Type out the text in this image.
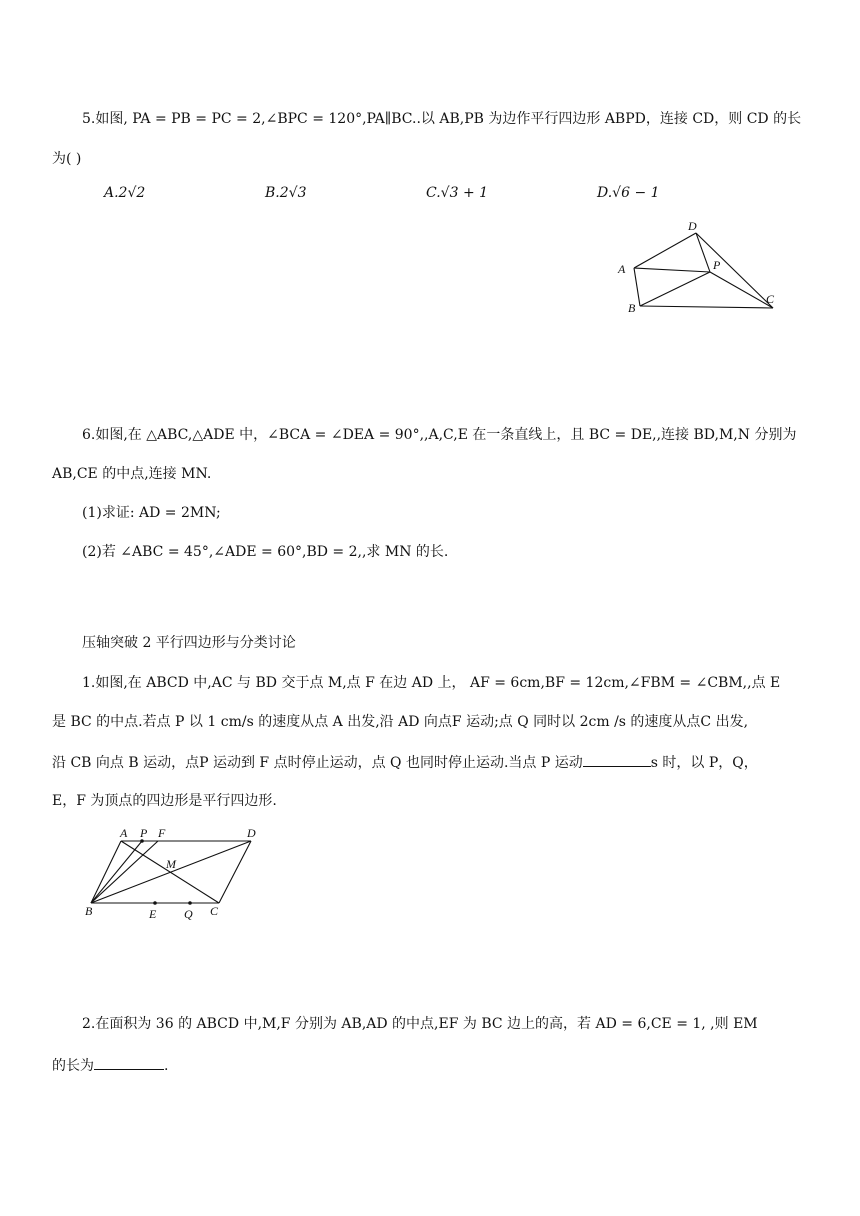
5.如图, PA = PB = PC = 2,∠BPC = 120°,PA∥BC..以 AB,PB 为边作平行四边形 ABPD，连接 CD，则 CD 的长
为( )
A.2√2	B.2√3	C.√3 + 1	D.√6 − 1
D
A	P
B
C
6.如图,在 △ABC,△ADE 中，∠BCA = ∠DEA = 90°,,A,C,E 在一条直线上，且 BC = DE,,连接 BD,M,N 分别为
AB,CE 的中点,连接 MN.
(1)求证: AD = 2MN;
(2)若 ∠ABC = 45°,∠ADE = 60°,BD = 2,,求 MN 的长.
压轴突破 2 平行四边形与分类讨论
1.如图,在 ABCD 中,AC 与 BD 交于点 M,点 F 在边 AD 上， AF = 6cm,BF = 12cm,∠FBM = ∠CBM,,点 E
是 BC 的中点.若点 P 以 1 cm/s 的速度从点 A 出发,沿 AD 向点F 运动;点 Q 同时以 2cm /s 的速度从点C 出发,
沿 CB 向点 B 运动，点P 运动到 F 点时停止运动，点 Q 也同时停止运动.当点 P 运动	s 时，以 P，Q，
E，F 为顶点的四边形是平行四边形.
A P F	D
M
B	E Q C
2.在面积为 36 的 ABCD 中,M,F 分别为 AB,AD 的中点,EF 为 BC 边上的高，若 AD = 6,CE = 1, ,则 EM
的长为	.
